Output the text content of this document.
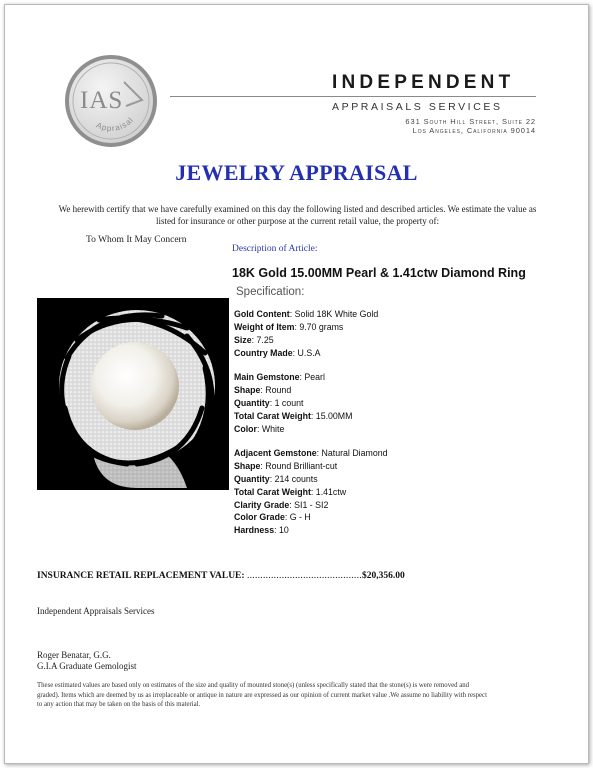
IAS
Appraisal
INDEPENDENT
APPRAISALS SERVICES
631 South Hill Street, Suite 22
Los Angeles, California 90014
JEWELRY APPRAISAL
We herewith certify that we have carefully examined on this day the following listed and described articles. We estimate the value as listed for insurance or other purpose at the current retail value, the property of:
To Whom It May Concern
Description of Article:
18K Gold 15.00MM Pearl & 1.41ctw Diamond Ring
Specification:
Gold Content: Solid 18K White Gold
Weight of Item: 9.70 grams
Size: 7.25
Country Made: U.S.A
Main Gemstone: Pearl
Shape: Round
Quantity: 1 count
Total Carat Weight: 15.00MM
Color: White
Adjacent Gemstone: Natural Diamond
Shape: Round Brilliant-cut
Quantity: 214 counts
Total Carat Weight: 1.41ctw
Clarity Grade: SI1 - SI2
Color Grade: G - H
Hardness: 10
INSURANCE RETAIL REPLACEMENT VALUE: ...........................................$20,356.00
Independent Appraisals Services
Roger Benatar, G.G.
G.I.A Graduate Gemologist
These estimated values are based only on estimates of the size and quality of mounted stone(s) (unless specifically stated that the stone(s) is were removed and graded). Items which are deemed by us as irreplaceable or antique in nature are expressed as our opinion of current market value .We assume no liability with respect to any action that may be taken on the basis of this material.
